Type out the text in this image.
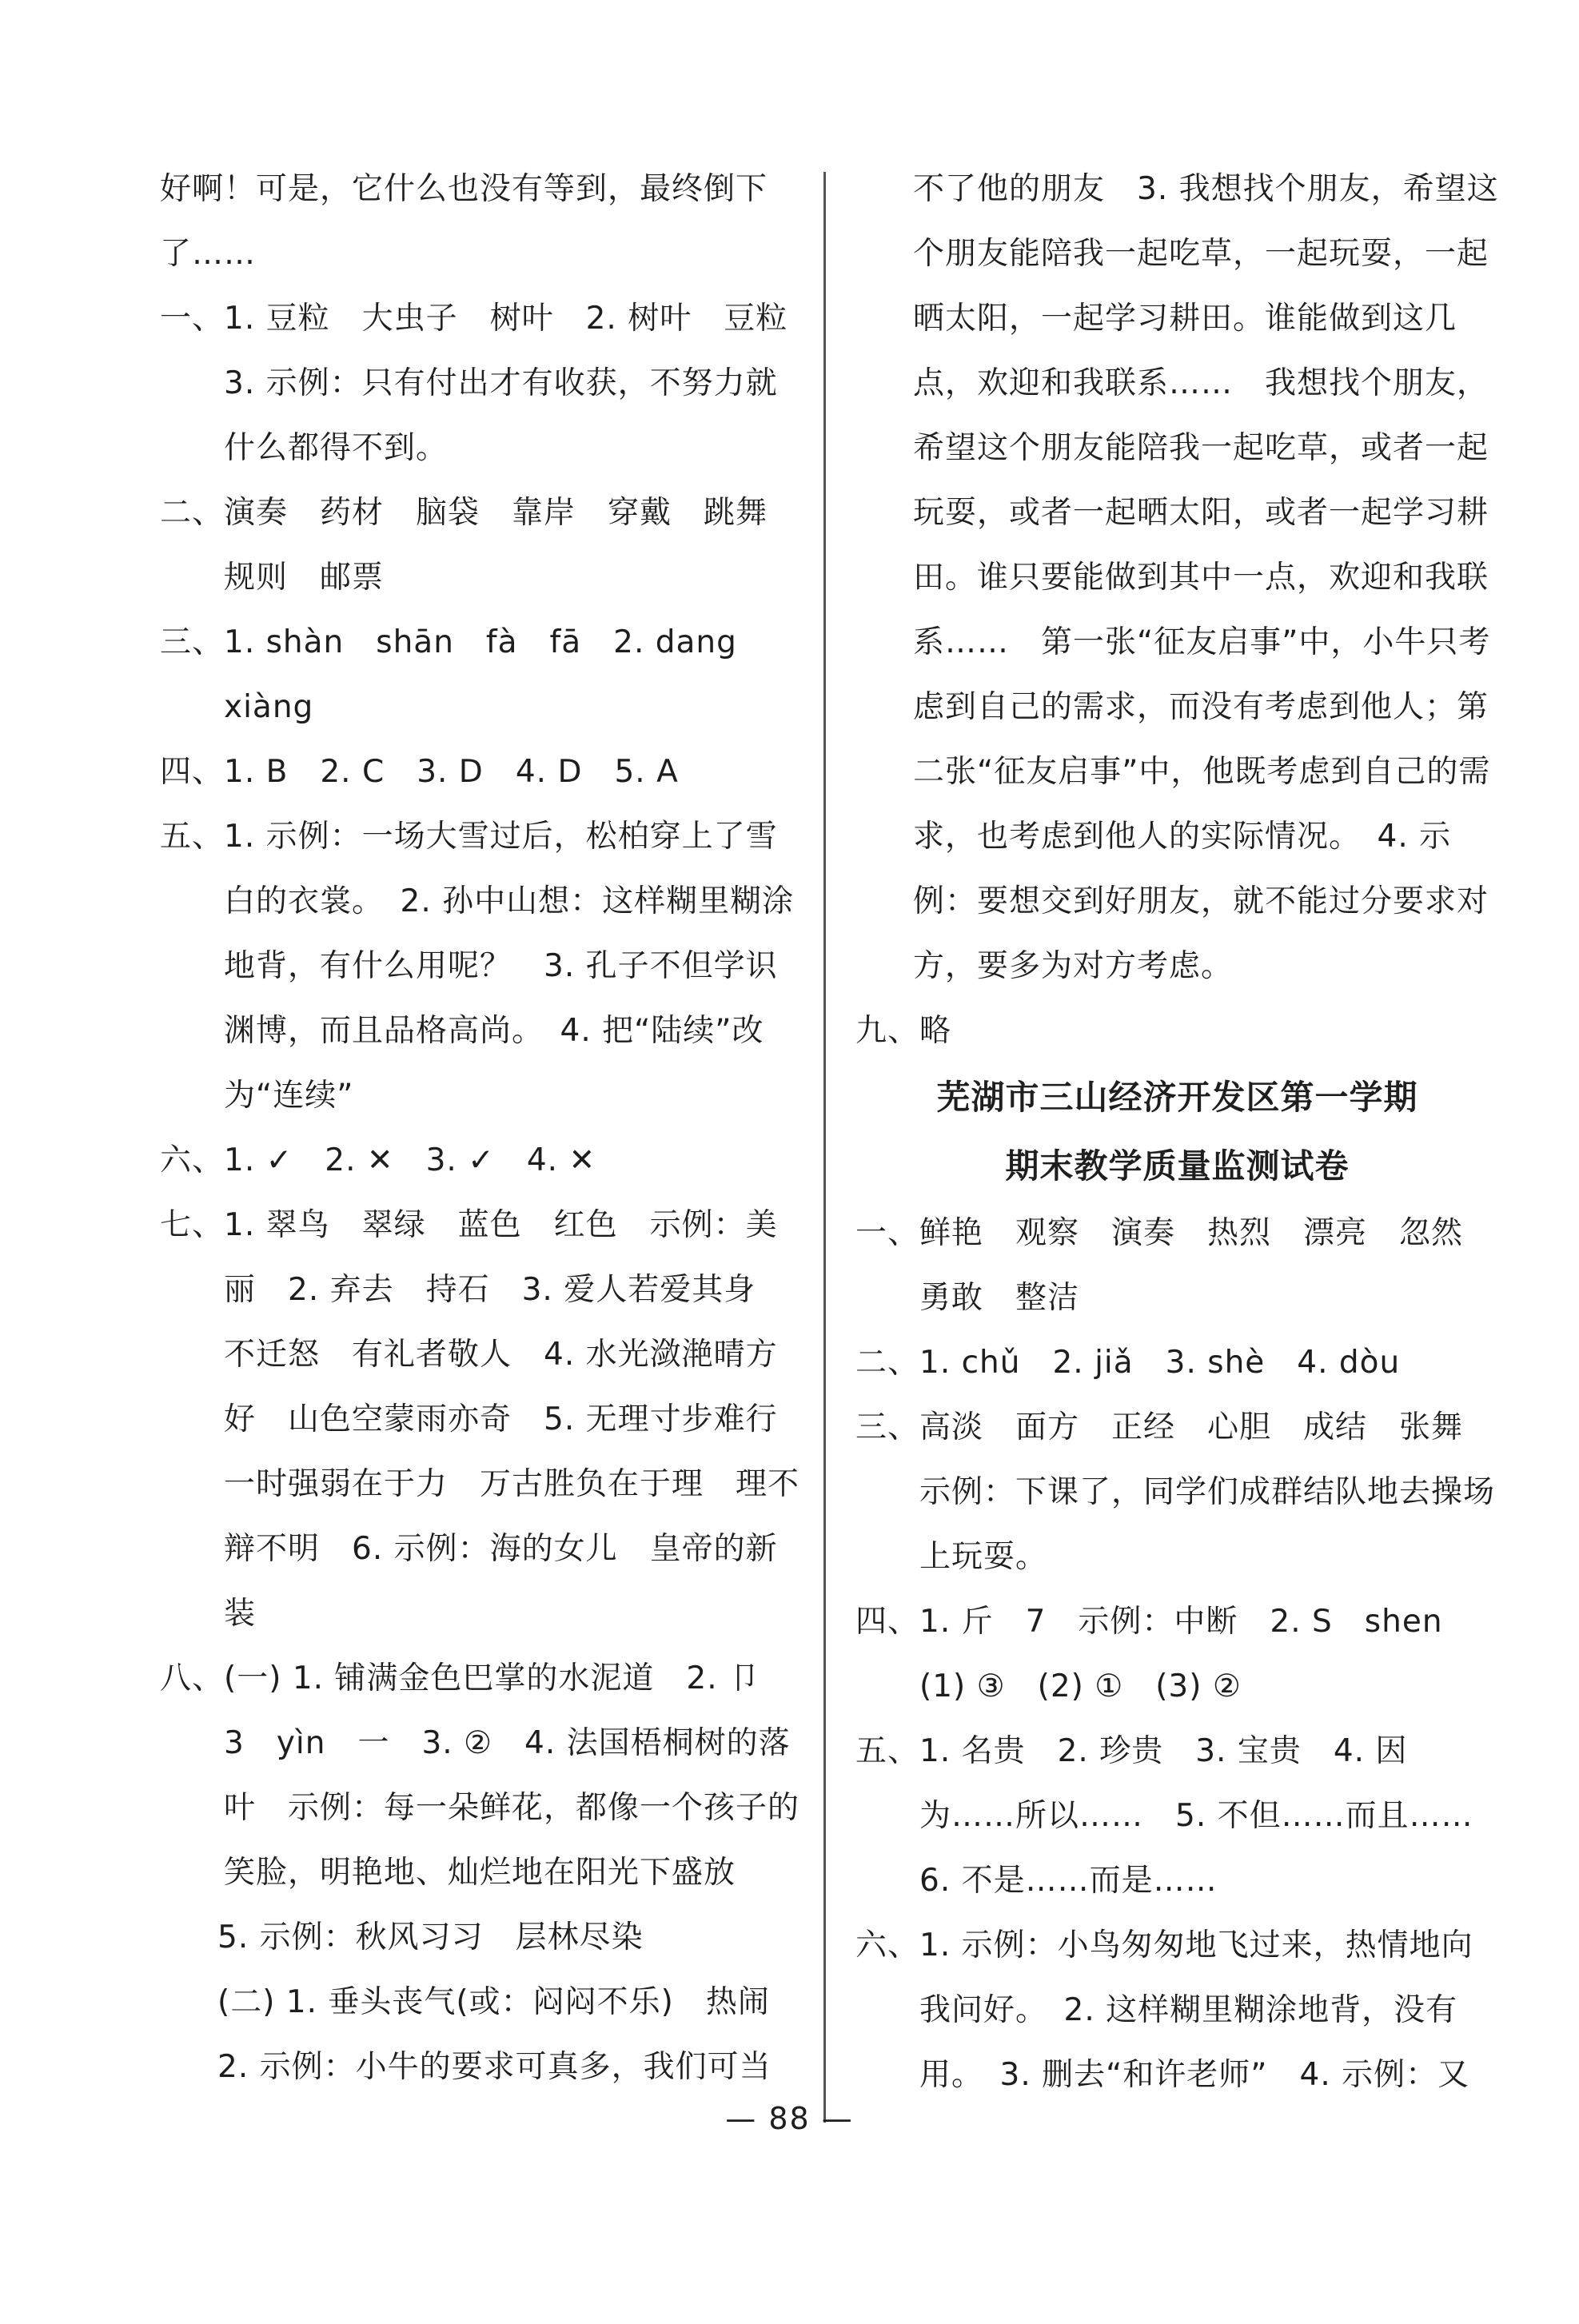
好啊！可是，它什么也没有等到，最终倒下了……

一、1. 豆粒　大虫子　树叶　2. 树叶　豆粒　3. 示例：只有付出才有收获，不努力就什么都得不到。

二、演奏　药材　脑袋　靠岸　穿戴　跳舞　规则　邮票

三、1. shàn　shān　fà　fā　2. dang　xiàng

四、1. B　2. C　3. D　4. D　5. A

五、1. 示例：一场大雪过后，松柏穿上了雪白的衣裳。　2. 孙中山想：这样糊里糊涂地背，有什么用呢？　3. 孔子不但学识渊博，而且品格高尚。　4. 把“陆续”改为“连续”

六、1. ✓　2. ✕　3. ✓　4. ✕

七、1. 翠鸟　翠绿　蓝色　红色　示例：美丽　2. 弃去　持石　3. 爱人若爱其身　不迁怒　有礼者敬人　4. 水光潋滟晴方好　山色空蒙雨亦奇　5. 无理寸步难行　一时强弱在于力　万古胜负在于理　理不辩不明　6. 示例：海的女儿　皇帝的新装

八、(一) 1. 铺满金色巴掌的水泥道　2. 卩　3　yìn　一　3. ②　4. 法国梧桐树的落叶　示例：每一朵鲜花，都像一个孩子的笑脸，明艳地、灿烂地在阳光下盛放

5. 示例：秋风习习　层林尽染

(二) 1. 垂头丧气(或：闷闷不乐)　热闹　2. 示例：小牛的要求可真多，我们可当

不了他的朋友　3. 我想找个朋友，希望这个朋友能陪我一起吃草，一起玩耍，一起晒太阳，一起学习耕田。谁能做到这几点，欢迎和我联系……　我想找个朋友，希望这个朋友能陪我一起吃草，或者一起玩耍，或者一起晒太阳，或者一起学习耕田。谁只要能做到其中一点，欢迎和我联系……　第一张“征友启事”中，小牛只考虑到自己的需求，而没有考虑到他人；第二张“征友启事”中，他既考虑到自己的需求，也考虑到他人的实际情况。　4. 示例：要想交到好朋友，就不能过分要求对方，要多为对方考虑。

九、略

芜湖市三山经济开发区第一学期

期末教学质量监测试卷

一、鲜艳　观察　演奏　热烈　漂亮　忽然　勇敢　整洁

二、1. chǔ　2. jiǎ　3. shè　4. dòu

三、高淡　面方　正经　心胆　成结　张舞　示例：下课了，同学们成群结队地去操场上玩耍。

四、1. 斤　7　示例：中断　2. S　shen　(1) ③　(2) ①　(3) ②

五、1. 名贵　2. 珍贵　3. 宝贵　4. 因为……所以……　5. 不但……而且……　6. 不是……而是……

六、1. 示例：小鸟匆匆地飞过来，热情地向我问好。　2. 这样糊里糊涂地背，没有用。　3. 删去“和许老师”　4. 示例：又

— 88 —
